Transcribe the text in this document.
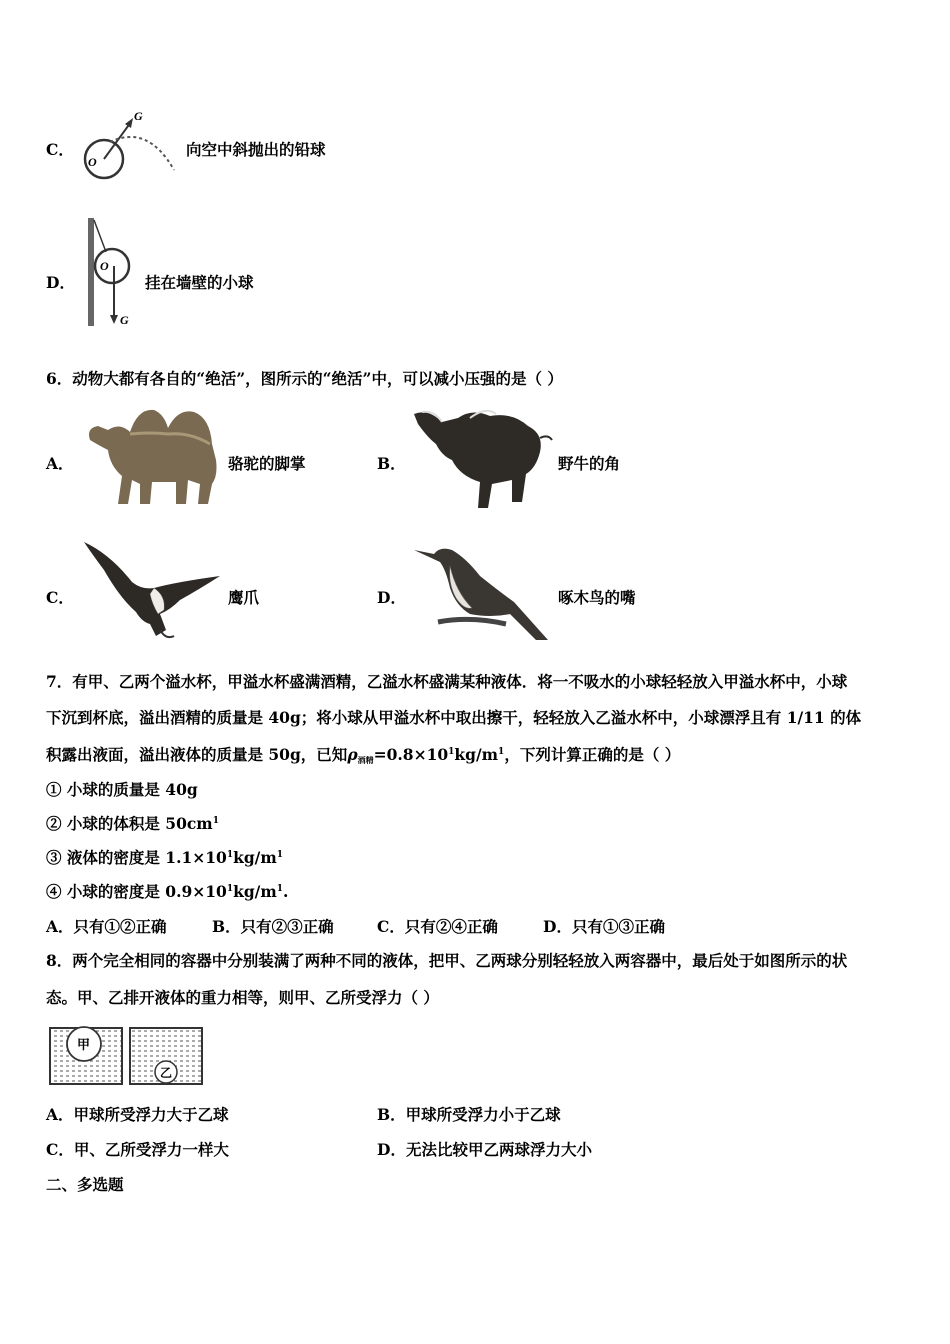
C．
G
O
向空中斜抛出的铅球
D．
O
G
挂在墙壁的小球
6．动物大都有各自的“绝活”，图所示的“绝活”中，可以减小压强的是（ ）
A．	骆驼的脚掌	B．	野牛的角
C．	鹰爪	D．	啄木鸟的嘴
7．有甲、乙两个溢水杯，甲溢水杯盛满酒精，乙溢水杯盛满某种液体．将一不吸水的小球轻轻放入甲溢水杯中，小球
下沉到杯底，溢出酒精的质量是 40g；将小球从甲溢水杯中取出擦干，轻轻放入乙溢水杯中，小球漂浮且有 1/11 的体
积露出液面，溢出液体的质量是 50g，已知$\rho_{酒精}=0.8\times 10^1kg/m^1$，下列计算正确的是（ ）
① 小球的质量是 40g
② 小球的体积是 $50cm^1$
③ 液体的密度是 $1.1\times 10^1kg/m^1$
④ 小球的密度是 $0.9\times 10^1kg/m^1$.
A．只有①②正确	B．只有②③正确	C．只有②④正确	D．只有①③正确
8．两个完全相同的容器中分别装满了两种不同的液体，把甲、乙两球分别轻轻放入两容器中，最后处于如图所示的状
态。甲、乙排开液体的重力相等，则甲、乙所受浮力（ ）
甲
乙
A．甲球所受浮力大于乙球	B．甲球所受浮力小于乙球
C．甲、乙所受浮力一样大	D．无法比较甲乙两球浮力大小
二、多选题
